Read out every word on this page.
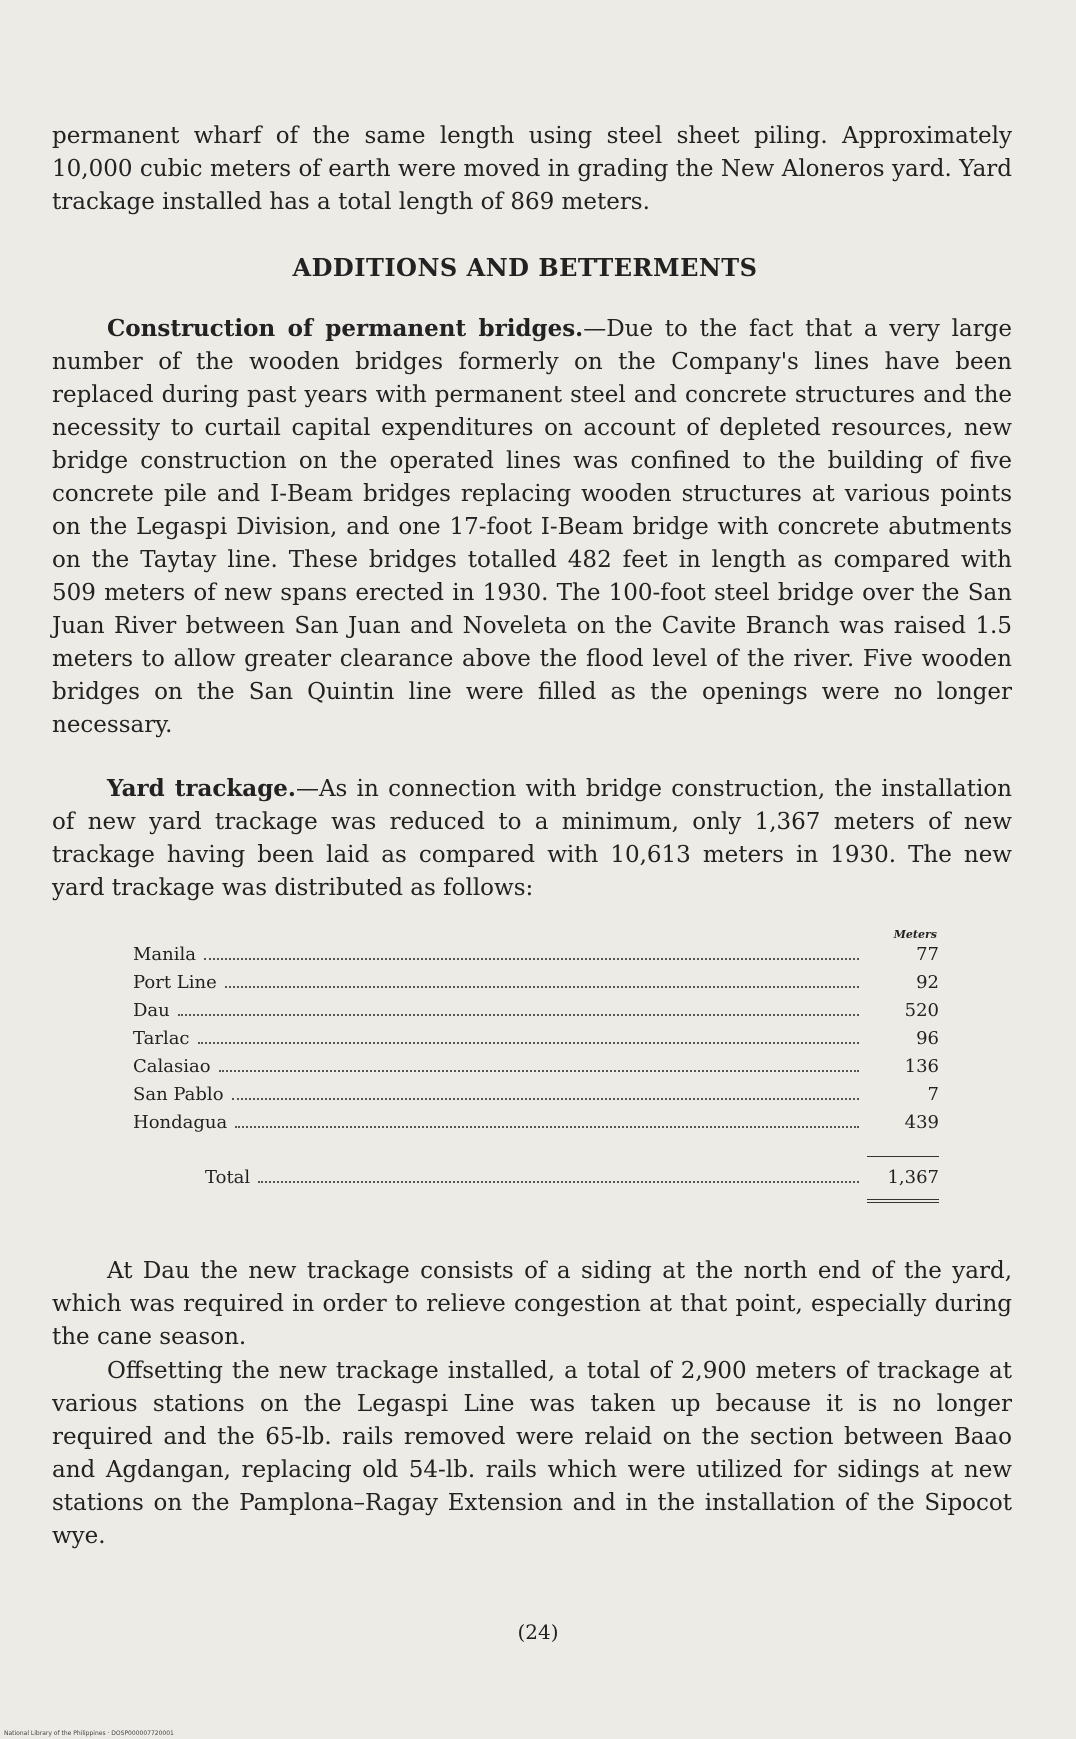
permanent wharf of the same length using steel sheet piling. Approximately 10,000 cubic meters of earth were moved in grading the New Aloneros yard. Yard trackage installed has a total length of 869 meters.
ADDITIONS AND BETTERMENTS
Construction of permanent bridges.—Due to the fact that a very large number of the wooden bridges formerly on the Company's lines have been replaced during past years with permanent steel and concrete structures and the necessity to curtail capital expenditures on account of depleted resources, new bridge construction on the operated lines was confined to the building of five concrete pile and I-Beam bridges replacing wooden structures at various points on the Legaspi Division, and one 17-foot I-Beam bridge with concrete abutments on the Taytay line. These bridges totalled 482 feet in length as compared with 509 meters of new spans erected in 1930. The 100-foot steel bridge over the San Juan River between San Juan and Noveleta on the Cavite Branch was raised 1.5 meters to allow greater clearance above the flood level of the river. Five wooden bridges on the San Quintin line were filled as the openings were no longer necessary.
Yard trackage.—As in connection with bridge construction, the installation of new yard trackage was reduced to a minimum, only 1,367 meters of new trackage having been laid as compared with 10,613 meters in 1930. The new yard trackage was distributed as follows:
Meters
Manila	77
Port Line	92
Dau	520
Tarlac	96
Calasiao	136
San Pablo	7
Hondagua	439
Total	1,367
At Dau the new trackage consists of a siding at the north end of the yard, which was required in order to relieve congestion at that point, especially during the cane season.
Offsetting the new trackage installed, a total of 2,900 meters of trackage at various stations on the Legaspi Line was taken up because it is no longer required and the 65-lb. rails removed were relaid on the section between Baao and Agdangan, replacing old 54-lb. rails which were utilized for sidings at new stations on the Pamplona–Ragay Extension and in the installation of the Sipocot wye.
(24)
National Library of the Philippines · DOSP000007720001
